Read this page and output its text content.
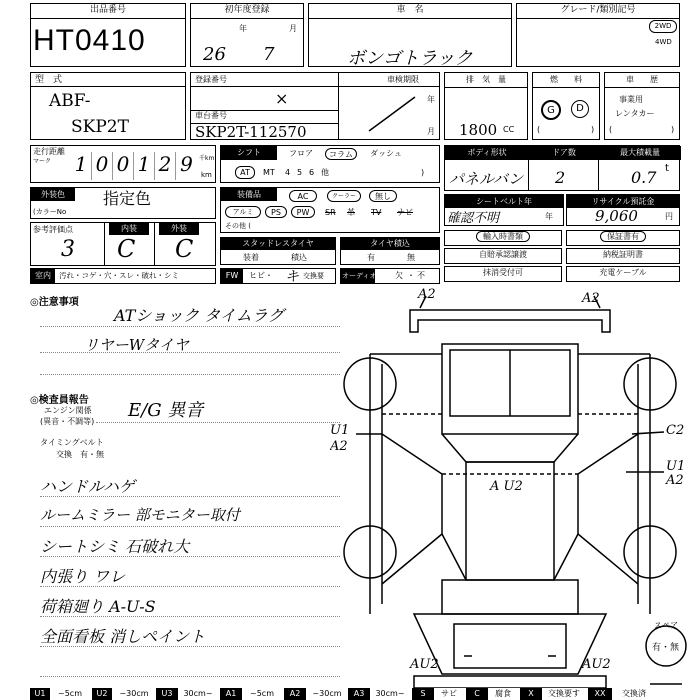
出品番号
HT0410
初年度登録
年	月
26 7
車　名
ボンゴトラック
グレード/類別記号
2WD
4WD
型　式
ABF-
SKP2T
登録番号
×
車台番号
SKP2T-112570
車検期限
年
月
排　気　量
1800 CC
燃　　料
G	D
(	)
車　　歴
事業用
レンタカー
(	)
走行距離
マーク 1 0 0 1 2 9	千km
km
シフト	フロア	コラム	ダッシュ
AT	MT 4 5 6 他	)
ボディ形状	ドア数	最大積載量
パネルバン 2	0.7 t
外装色	指定色
(カラーNo
装備品	AC	クーラー	無し
アルミ	PS	PW	SR 革 TV ナビ
その他 (
シートベルト年
確認不明	年
リサイクル預託金
9,060	円
参考評価点	内装	外装
3 C C	スタッドレスタイヤ
装着	積込
タイヤ積込
有	無
輸入時書類	保証書有
自賠承認譲渡	納税証明書
抹消受付可	充電ケーブル
室内	汚れ・コゲ・穴・スレ・破れ・シミ	FW	ヒビ・ キ 交換要	オーディオ 欠 ・ 不
◎注意事項
ATショック タイムラグ
リヤーWタイヤ
◎検査員報告
エンジン関係
(異音・不調等)
E/G 異音
タイミングベルト
交換　有・無
ハンドルハゲ
ルームミラー 部モニター取付
シートシミ 石破れ大
内張り ワレ
荷箱廻り A-U-S
全面看板 消しペイント
A2	A2
U1
A2
C2
U1
A2
A U2
AU2	AU2
スペア
有・無
U1	~5cm	U2	~30cm	U3	30cm~	A1	~5cm	A2	~30cm	A3	30cm~	S	サビ	C	腐食	X	交換要す	XX	交換済
